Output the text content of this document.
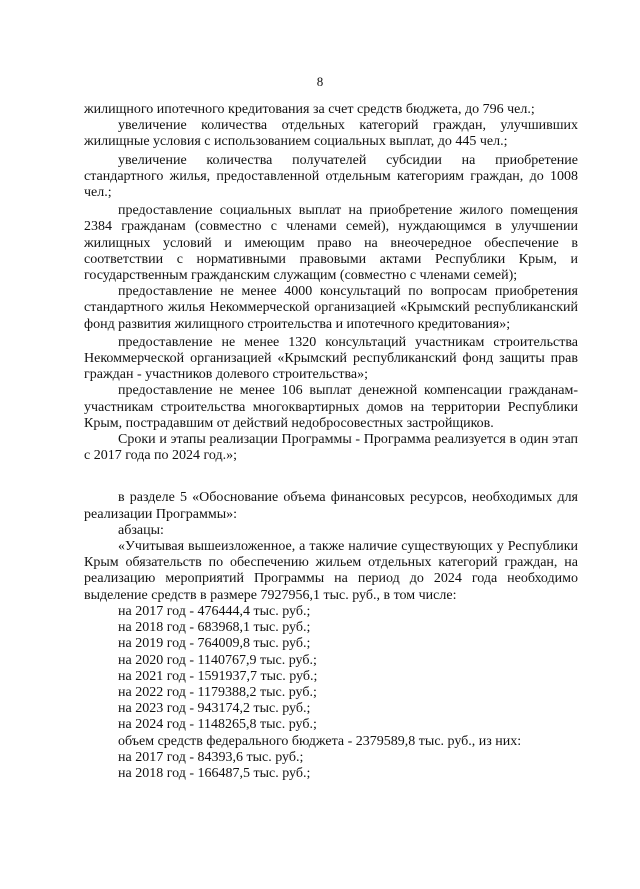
8

жилищного ипотечного кредитования за счет средств бюджета, до 796 чел.;

увеличение количества отдельных категорий граждан, улучшивших жилищные условия с использованием социальных выплат, до 445 чел.;

увеличение количества получателей субсидии на приобретение стандартного жилья, предоставленной отдельным категориям граждан, до 1008 чел.;

предоставление социальных выплат на приобретение жилого помещения 2384 гражданам (совместно с членами семей), нуждающимся в улучшении жилищных условий и имеющим право на внеочередное обеспечение в соответствии с нормативными правовыми актами Республики Крым, и государственным гражданским служащим (совместно с членами семей);

предоставление не менее 4000 консультаций по вопросам приобретения стандартного жилья Некоммерческой организацией «Крымский республиканский фонд развития жилищного строительства и ипотечного кредитования»;

предоставление не менее 1320 консультаций участникам строительства Некоммерческой организацией «Крымский республиканский фонд защиты прав граждан - участников долевого строительства»;

предоставление не менее 106 выплат денежной компенсации гражданам-участникам строительства многоквартирных домов на территории Республики Крым, пострадавшим от действий недобросовестных застройщиков.

Сроки и этапы реализации Программы - Программа реализуется в один этап с 2017 года по 2024 год.»;

в разделе 5 «Обоснование объема финансовых ресурсов, необходимых для реализации Программы»:

абзацы:

«Учитывая вышеизложенное, а также наличие существующих у Республики Крым обязательств по обеспечению жильем отдельных категорий граждан, на реализацию мероприятий Программы на период до 2024 года необходимо выделение средств в размере 7927956,1 тыс. руб., в том числе:

на 2017 год - 476444,4 тыс. руб.;

на 2018 год - 683968,1 тыс. руб.;

на 2019 год - 764009,8 тыс. руб.;

на 2020 год - 1140767,9 тыс. руб.;

на 2021 год - 1591937,7 тыс. руб.;

на 2022 год - 1179388,2 тыс. руб.;

на 2023 год - 943174,2 тыс. руб.;

на 2024 год - 1148265,8 тыс. руб.;

объем средств федерального бюджета - 2379589,8 тыс. руб., из них:

на 2017 год - 84393,6 тыс. руб.;

на 2018 год - 166487,5 тыс. руб.;
